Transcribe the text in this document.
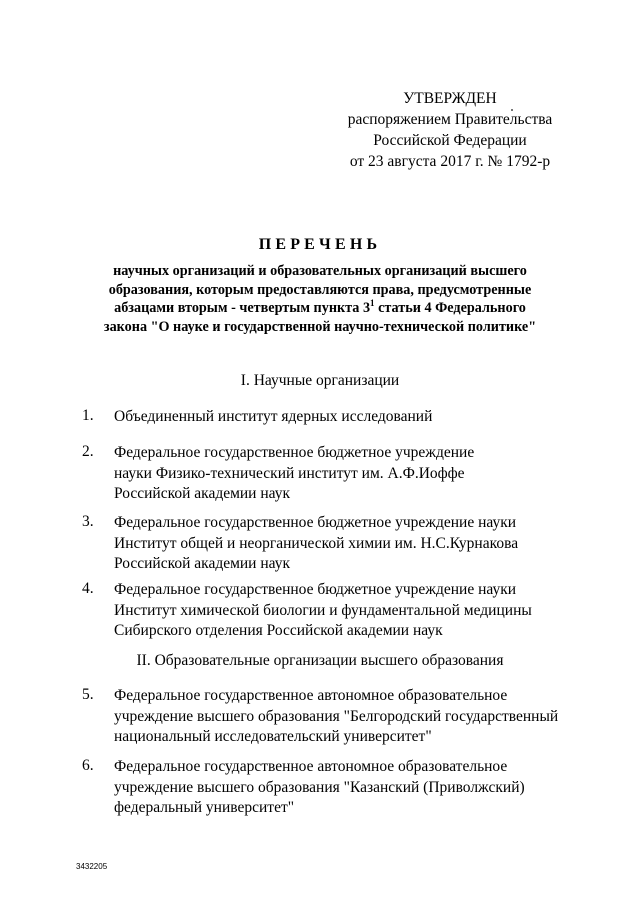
УТВЕРЖДЕН
распоряжением Правительства
Российской Федерации
от 23 августа 2017 г. № 1792-р
ПЕРЕЧЕНЬ
научных организаций и образовательных организаций высшего
образования, которым предоставляются права, предусмотренные
абзацами вторым - четвертым пункта $3^1$ статьи 4 Федерального
закона "О науке и государственной научно-технической политике"
I. Научные организации
1. Объединенный институт ядерных исследований
2. Федеральное государственное бюджетное учреждение
науки Физико-технический институт им. А.Ф.Иоффе
Российской академии наук
3. Федеральное государственное бюджетное учреждение науки
Институт общей и неорганической химии им. Н.С.Курнакова
Российской академии наук
4. Федеральное государственное бюджетное учреждение науки
Институт химической биологии и фундаментальной медицины
Сибирского отделения Российской академии наук
II. Образовательные организации высшего образования
5. Федеральное государственное автономное образовательное
учреждение высшего образования "Белгородский государственный
национальный исследовательский университет"
6. Федеральное государственное автономное образовательное
учреждение высшего образования "Казанский (Приволжский)
федеральный университет"
3432205
